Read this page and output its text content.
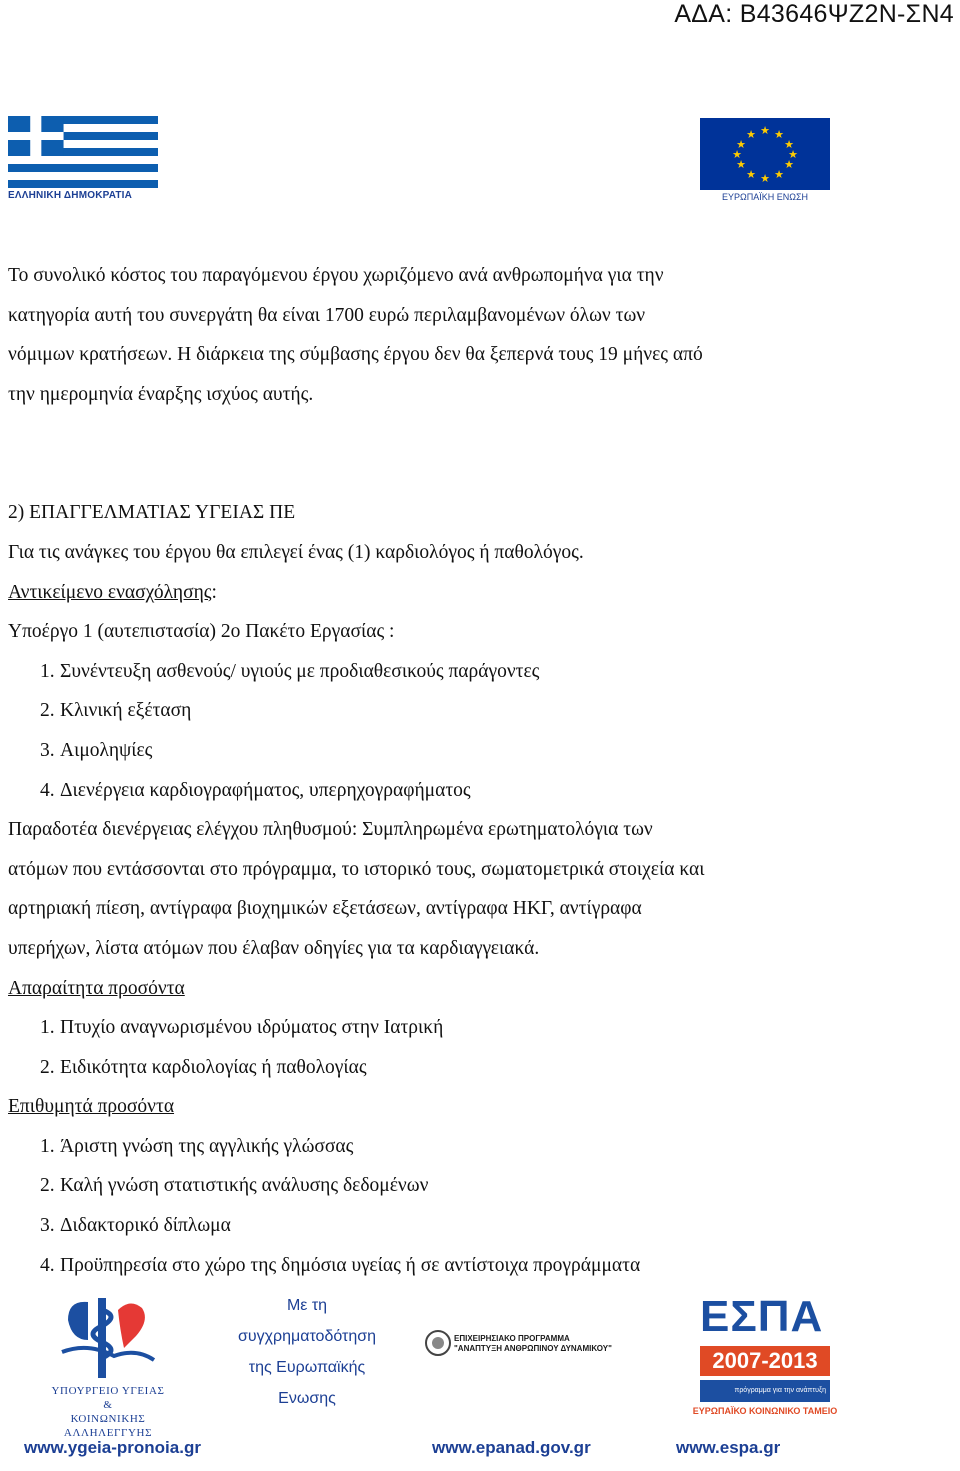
ΑΔΑ: Β43646ΨΖ2Ν-ΣΝ4
ΕΛΛΗΝΙΚΗ ΔΗΜΟΚΡΑΤΙΑ
★ ★
★
★
★
★
★
★
★
★
★
★
ΕΥΡΩΠΑΪΚΗ ΕΝΩΣΗ

Το συνολικό κόστος του παραγόμενου έργου χωριζόμενο ανά ανθρωπομήνα για την

κατηγορία αυτή του συνεργάτη θα είναι 1700 ευρώ περιλαμβανομένων όλων των

νόμιμων κρατήσεων. Η διάρκεια της σύμβασης έργου δεν θα ξεπερνά τους 19 μήνες από

την ημερομηνία έναρξης ισχύος αυτής.

2) ΕΠΑΓΓΕΛΜΑΤΙΑΣ ΥΓΕΙΑΣ ΠΕ

Για τις ανάγκες του έργου θα επιλεγεί ένας (1) καρδιολόγος ή παθολόγος.

Αντικείμενο ενασχόλησης:

Υποέργο 1 (αυτεπιστασία) 2ο Πακέτο Εργασίας :

1. Συνέντευξη ασθενούς/ υγιούς με προδιαθεσικούς παράγοντες
2. Κλινική εξέταση
3. Αιμοληψίες
4. Διενέργεια καρδιογραφήματος, υπερηχογραφήματος

Παραδοτέα διενέργειας ελέγχου πληθυσμού: Συμπληρωμένα ερωτηματολόγια των

ατόμων που εντάσσονται στο πρόγραμμα, το ιστορικό τους, σωματομετρικά στοιχεία και

αρτηριακή πίεση, αντίγραφα βιοχημικών εξετάσεων, αντίγραφα ΗΚΓ, αντίγραφα

υπερήχων, λίστα ατόμων που έλαβαν οδηγίες για τα καρδιαγγειακά.

Απαραίτητα προσόντα

1. Πτυχίο αναγνωρισμένου ιδρύματος στην Ιατρική
2. Ειδικότητα καρδιολογίας ή παθολογίας

Επιθυμητά προσόντα

1. Άριστη γνώση της αγγλικής γλώσσας
2. Καλή γνώση στατιστικής ανάλυσης δεδομένων
3. Διδακτορικό δίπλωμα
4. Προϋπηρεσία στο χώρο της δημόσια υγείας ή σε αντίστοιχα προγράμματα
ΥΠΟΥΡΓΕΙΟ ΥΓΕΙΑΣ
&
ΚΟΙΝΩΝΙΚΗΣ ΑΛΛΗΛΕΓΓΥΗΣ
Με τη
συγχρηματοδότηση
της Ευρωπαϊκής
Ενωσης
ΕΠΙΧΕΙΡΗΣΙΑΚΟ ΠΡΟΓΡΑΜΜΑ
"ΑΝΑΠΤΥΞΗ ΑΝΘΡΩΠΙΝΟΥ ΔΥΝΑΜΙΚΟΥ"
ΕΣΠΑ
2007-2013
πρόγραμμα για την ανάπτυξη
ΕΥΡΩΠΑΪΚΟ ΚΟΙΝΩΝΙΚΟ ΤΑΜΕΙΟ
www.ygeia-pronoia.gr	www.epanad.gov.gr	www.espa.gr
